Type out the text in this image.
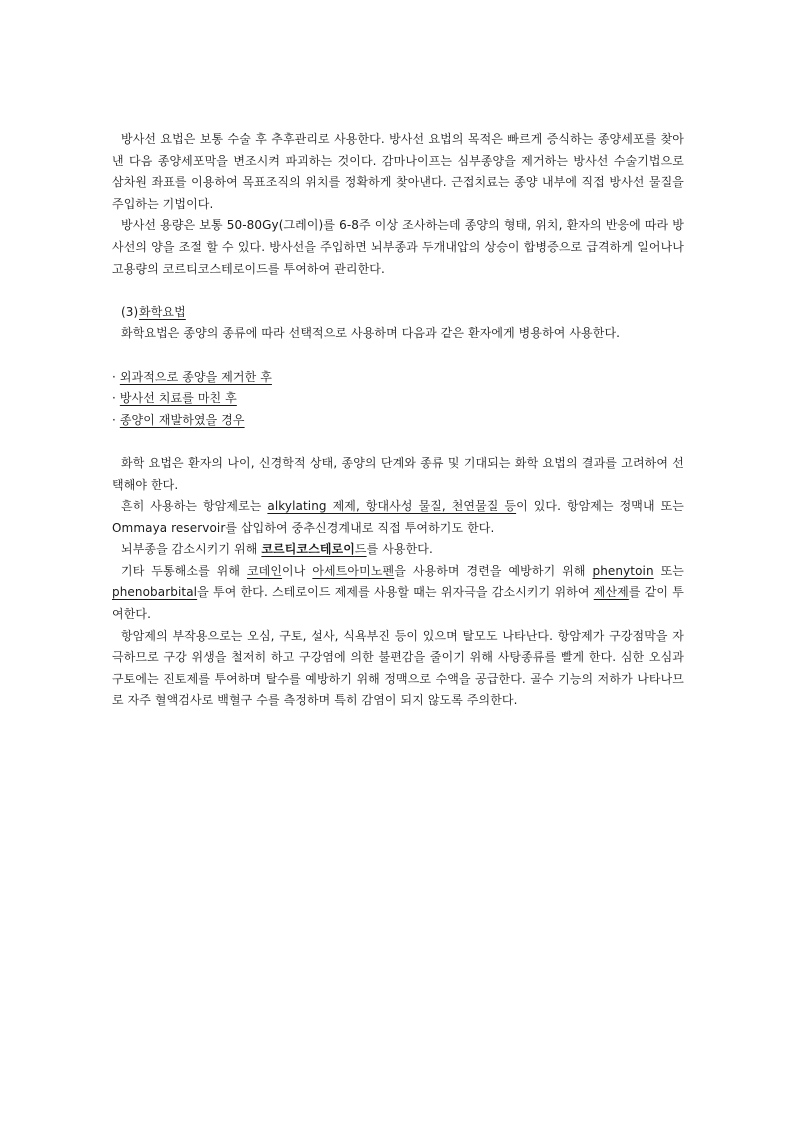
방사선 요법은 보통 수술 후 추후관리로 사용한다. 방사선 요법의 목적은 빠르게 증식하는 종양세포를 찾아낸 다음 종양세포막을 변조시켜 파괴하는 것이다. 감마나이프는 심부종양을 제거하는 방사선 수술기법으로 삼차원 좌표를 이용하여 목표조직의 위치를 정확하게 찾아낸다. 근접치료는 종양 내부에 직접 방사선 물질을 주입하는 기법이다.

방사선 용량은 보통 50-80Gy(그레이)를 6-8주 이상 조사하는데 종양의 형태, 위치, 환자의 반응에 따라 방사선의 양을 조절 할 수 있다. 방사선을 주입하면 뇌부종과 두개내압의 상승이 합병증으로 급격하게 일어나나 고용량의 코르티코스테로이드를 투여하여 관리한다.

(3)화학요법

화학요법은 종양의 종류에 따라 선택적으로 사용하며 다음과 같은 환자에게 병용하여 사용한다.

· 외과적으로 종양을 제거한 후

· 방사선 치료를 마친 후

· 종양이 재발하였을 경우

화학 요법은 환자의 나이, 신경학적 상태, 종양의 단계와 종류 및 기대되는 화학 요법의 결과를 고려하여 선택해야 한다.

흔히 사용하는 항암제로는 alkylating 제제, 항대사성 물질, 천연물질 등이 있다. 항암제는 정맥내 또는 Ommaya reservoir를 삽입하여 중추신경계내로 직접 투여하기도 한다.

뇌부종을 감소시키기 위해 코르티코스테로이드를 사용한다.

기타 두통해소를 위해 코데인이나 아세트아미노펜을 사용하며 경련을 예방하기 위해 phenytoin 또는 phenobarbital을 투여 한다. 스테로이드 제제를 사용할 때는 위자극을 감소시키기 위하여 제산제를 같이 투여한다.

항암제의 부작용으로는 오심, 구토, 설사, 식욕부진 등이 있으며 탈모도 나타난다. 항암제가 구강점막을 자극하므로 구강 위생을 철저히 하고 구강염에 의한 불편감을 줄이기 위해 사탕종류를 빨게 한다. 심한 오심과 구토에는 진토제를 투여하며 탈수를 예방하기 위해 정맥으로 수액을 공급한다. 골수 기능의 저하가 나타나므로 자주 혈액검사로 백혈구 수를 측정하며 특히 감염이 되지 않도록 주의한다.
